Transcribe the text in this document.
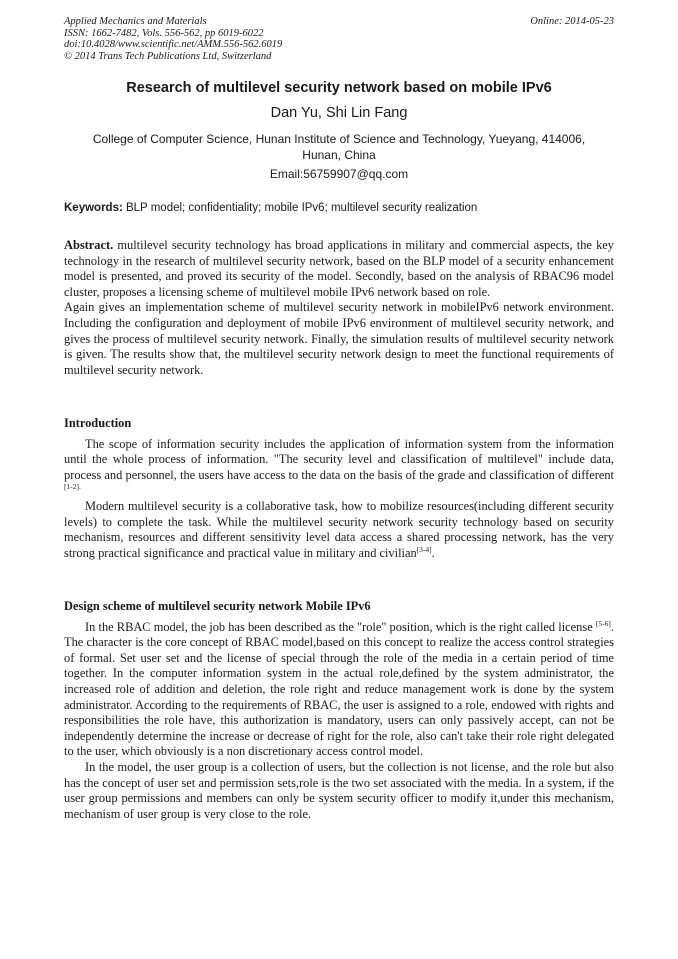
Applied Mechanics and Materials
ISSN: 1662-7482, Vols. 556-562, pp 6019-6022
doi:10.4028/www.scientific.net/AMM.556-562.6019
© 2014 Trans Tech Publications Ltd, Switzerland
Online: 2014-05-23
Research of multilevel security network based on mobile IPv6
Dan Yu, Shi Lin Fang
College of Computer Science, Hunan Institute of Science and Technology, Yueyang, 414006, Hunan, China
Email:56759907@qq.com
Keywords: BLP model; confidentiality; mobile IPv6; multilevel security realization

Abstract. multilevel security technology has broad applications in military and commercial aspects, the key technology in the research of multilevel security network, based on the BLP model of a security enhancement model is presented, and proved its security of the model. Secondly, based on the analysis of RBAC96 model cluster, proposes a licensing scheme of multilevel mobile IPv6 network based on role.

Again gives an implementation scheme of multilevel security network in mobileIPv6 network environment. Including the configuration and deployment of mobile IPv6 environment of multilevel security network, and gives the process of multilevel security network. Finally, the simulation results of multilevel security network is given. The results show that, the multilevel security network design to meet the functional requirements of multilevel security network.

Introduction

The scope of information security includes the application of information system from the information until the whole process of information. "The security level and classification of multilevel" include data, process and personnel, the users have access to the data on the basis of the grade and classification of different $^{[1-2].}$

Modern multilevel security is a collaborative task, how to mobilize resources(including different security levels) to complete the task. While the multilevel security network security technology based on security mechanism, resources and different sensitivity level data access a shared processing network, has the very strong practical significance and practical value in military and civilian[3-4].

Design scheme of multilevel security network Mobile IPv6

In the RBAC model, the job has been described as the "role" position, which is the right called license [5-6]. The character is the core concept of RBAC model,based on this concept to realize the access control strategies of formal. Set user set and the license of special through the role of the media in a certain period of time together. In the computer information system in the actual role,defined by the system administrator, the increased role of addition and deletion, the role right and reduce management work is done by the system administrator. According to the requirements of RBAC, the user is assigned to a role, endowed with rights and responsibilities the role have, this authorization is mandatory, users can only passively accept, can not be independently determine the increase or decrease of right for the role, also can't take their role right delegated to the user, which obviously is a non discretionary access control model.

In the model, the user group is a collection of users, but the collection is not license, and the role but also has the concept of user set and permission sets,role is the two set associated with the media. In a system, if the user group permissions and members can only be system security officer to modify it,under this mechanism, mechanism of user group is very close to the role.
